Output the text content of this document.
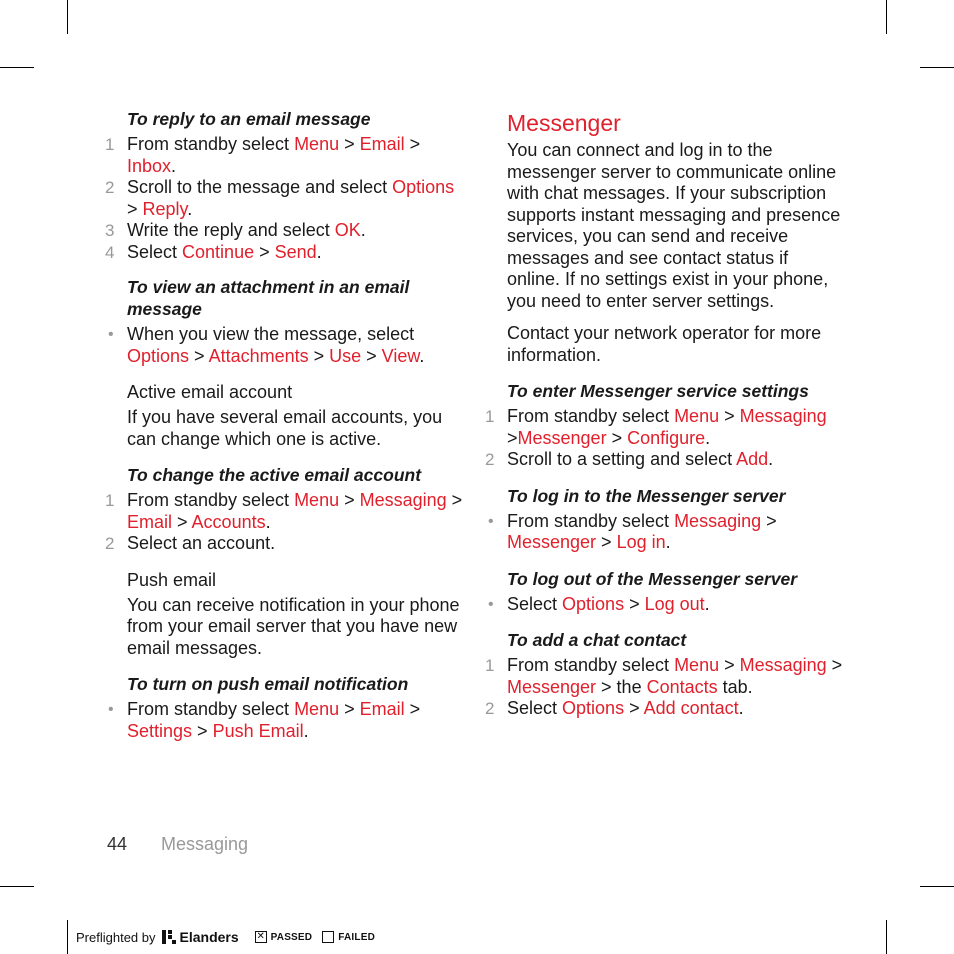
To reply to an email message

1 From standby select Menu > Email > Inbox.
2 Scroll to the message and select Options > Reply.
3 Write the reply and select OK.
4 Select Continue > Send.

To view an attachment in an email message

• When you view the message, select Options > Attachments > Use > View.

Active email account

If you have several email accounts, you can change which one is active.

To change the active email account

1 From standby select Menu > Messaging > Email > Accounts.
2 Select an account.

Push email

You can receive notification in your phone from your email server that you have new email messages.

To turn on push email notification

• From standby select Menu > Email > Settings > Push Email.
Messenger

You can connect and log in to the messenger server to communicate online with chat messages. If your subscription supports instant messaging and presence services, you can send and receive messages and see contact status if online. If no settings exist in your phone, you need to enter server settings.

Contact your network operator for more information.

To enter Messenger service settings

1 From standby select Menu > Messaging >Messenger > Configure.
2 Scroll to a setting and select Add.

To log in to the Messenger server

• From standby select Messaging > Messenger > Log in.

To log out of the Messenger server

• Select Options > Log out.

To add a chat contact

1 From standby select Menu > Messaging > Messenger > the Contacts tab.
2 Select Options > Add contact.
44 Messaging
Preflighted by Elanders ✕ PASSED	FAILED
